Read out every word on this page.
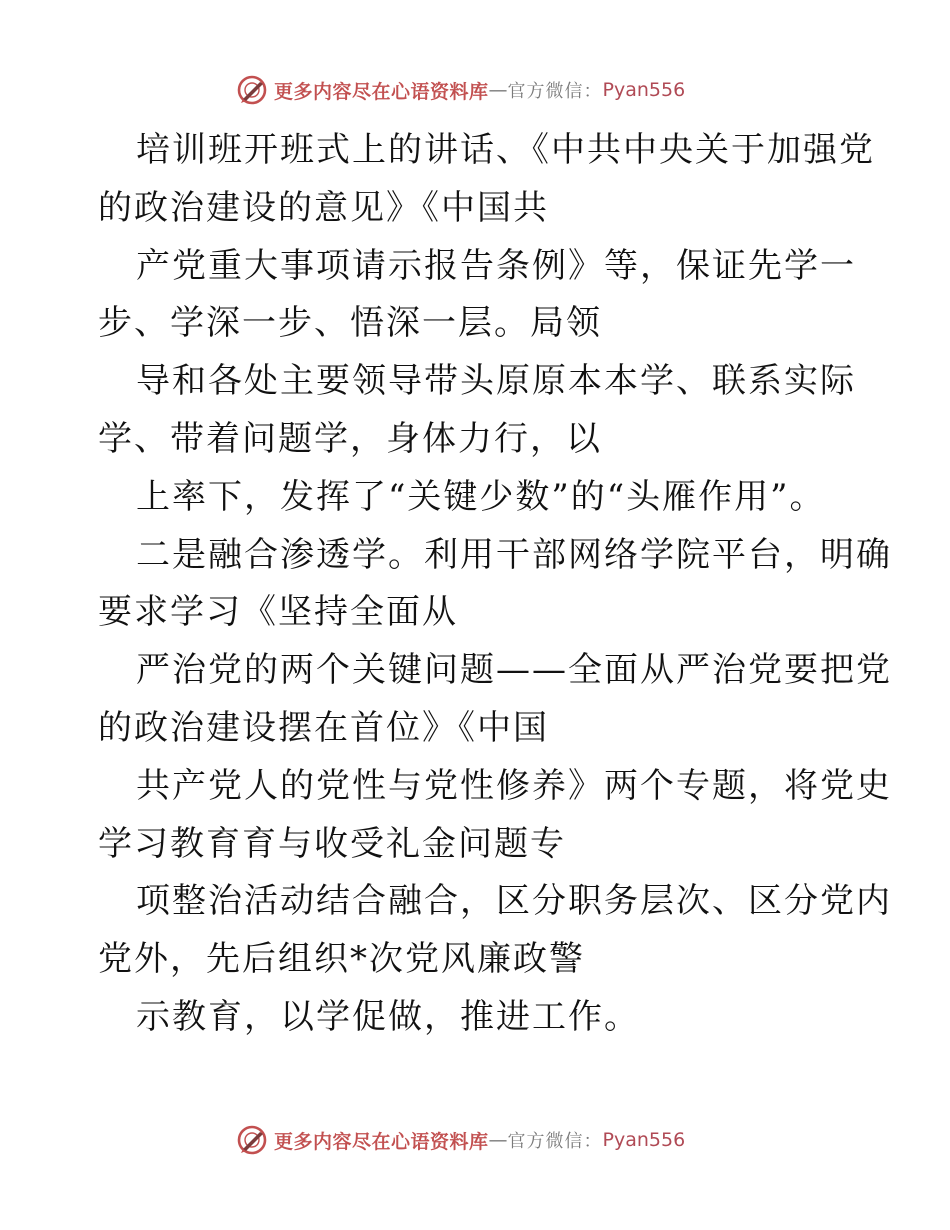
更多内容尽在心语资料库 — 官方微信： Pyan556
培训班开班式上的讲话、《中共中央关于加强党
的政治建设的意见》《中国共
产党重大事项请示报告条例》等，保证先学一
步、学深一步、悟深一层。局领
导和各处主要领导带头原原本本学、联系实际
学、带着问题学，身体力行，以
上率下，发挥了“关键少数”的“头雁作用”。
二是融合渗透学。利用干部网络学院平台，明确
要求学习《坚持全面从
严治党的两个关键问题——全面从严治党要把党
的政治建设摆在首位》《中国
共产党人的党性与党性修养》两个专题，将党史
学习教育育与收受礼金问题专
项整治活动结合融合，区分职务层次、区分党内
党外，先后组织*次党风廉政警
示教育，以学促做，推进工作。
更多内容尽在心语资料库 — 官方微信： Pyan556
